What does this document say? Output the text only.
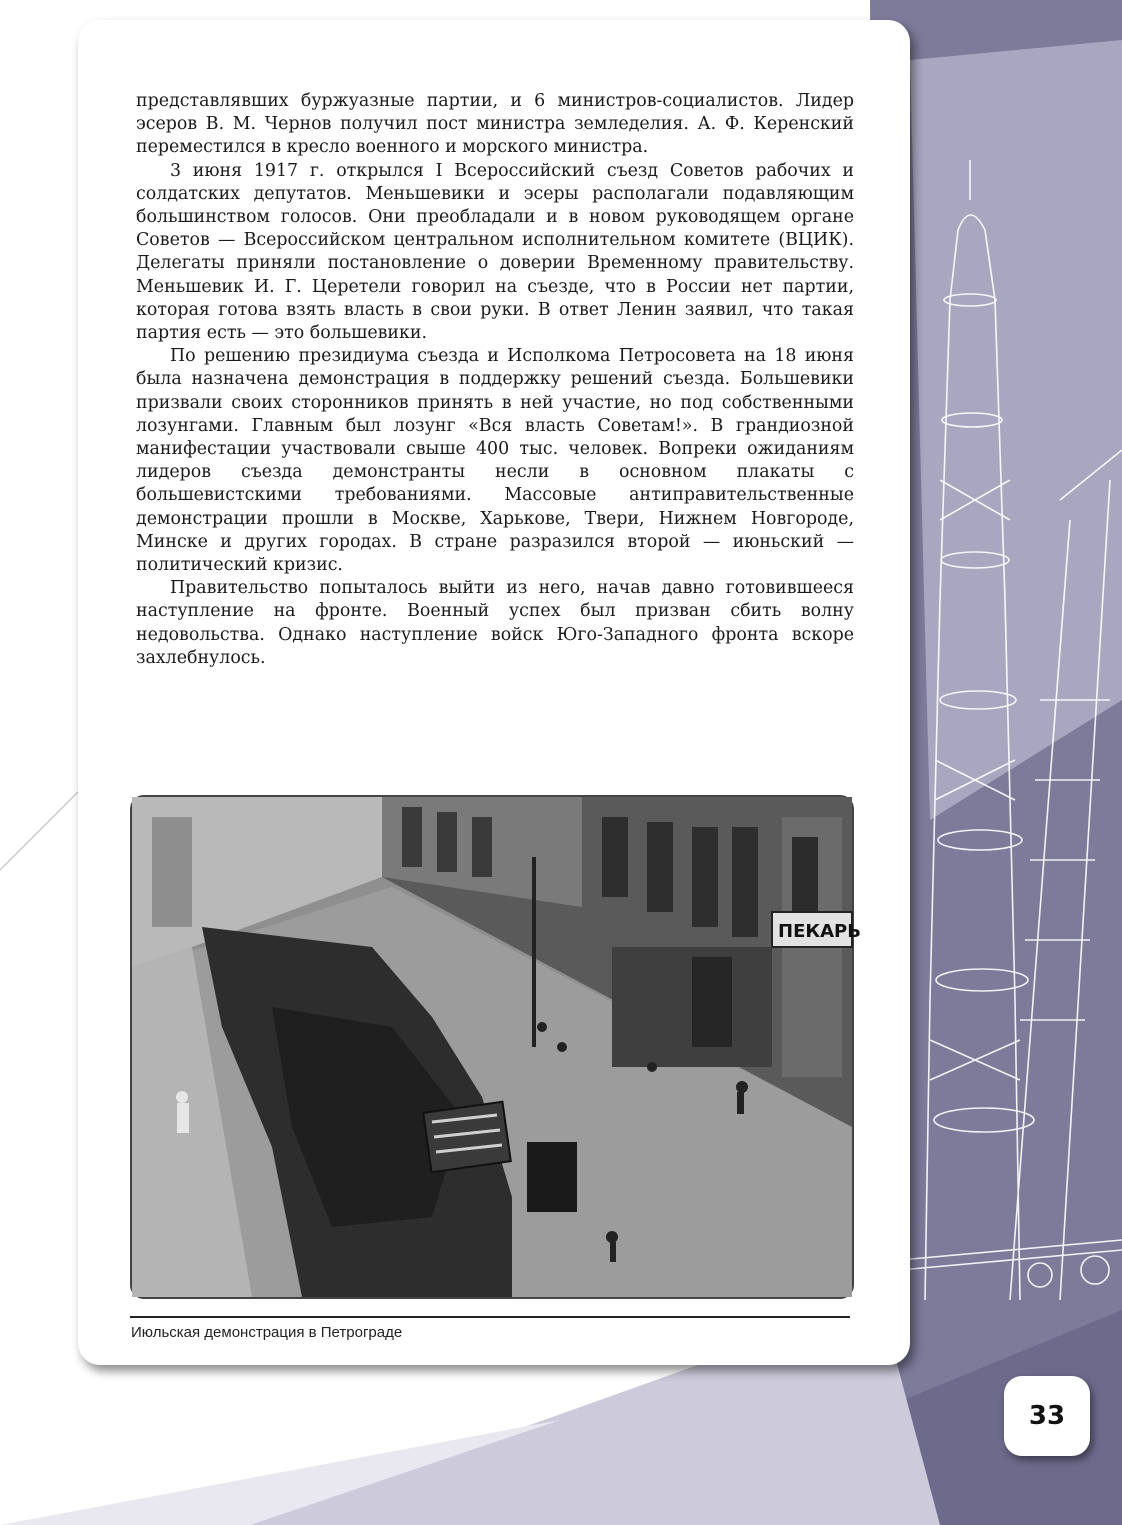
представлявших буржуазные партии, и 6 министров-социалистов. Лидер эсеров В. М. Чернов получил пост министра земледелия. А. Ф. Керенский переместился в кресло военного и морского министра.

3 июня 1917 г. открылся I Всероссийский съезд Советов рабочих и солдатских депутатов. Меньшевики и эсеры располагали подавляющим большинством голосов. Они преобладали и в новом руководящем органе Советов — Всероссийском центральном исполнительном комитете (ВЦИК). Делегаты приняли постановление о доверии Временному правительству. Меньшевик И. Г. Церетели говорил на съезде, что в России нет партии, которая готова взять власть в свои руки. В ответ Ленин заявил, что такая партия есть — это большевики.

По решению президиума съезда и Исполкома Петросовета на 18 июня была назначена демонстрация в поддержку решений съезда. Большевики призвали своих сторонников принять в ней участие, но под собственными лозунгами. Главным был лозунг «Вся власть Советам!». В грандиозной манифестации участвовали свыше 400 тыс. человек. Вопреки ожиданиям лидеров съезда демонстранты несли в основном плакаты с большевистскими требованиями. Массовые антиправительственные демонстрации прошли в Москве, Харькове, Твери, Нижнем Новгороде, Минске и других городах. В стране разразился второй — июньский — политический кризис.

Правительство попыталось выйти из него, начав давно готовившееся наступление на фронте. Военный успех был призван сбить волну недовольства. Однако наступление войск Юго-Западного фронта вскоре захлебнулось.

ПЕКАРЬ
Июльская демонстрация в Петрограде
33
